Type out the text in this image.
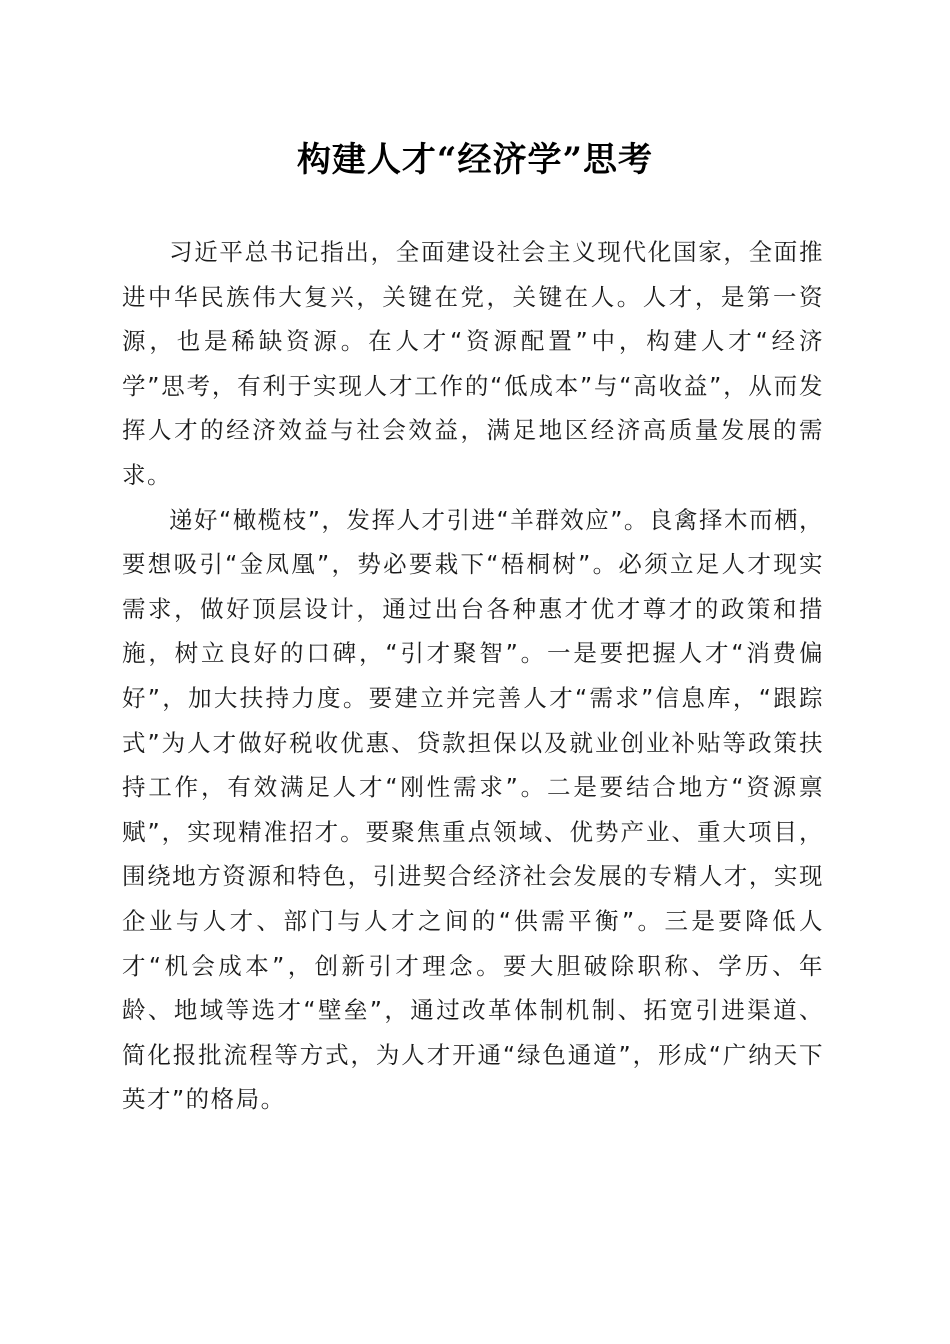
构建人才“经济学”思考

习近平总书记指出，全面建设社会主义现代化国家，全面推进中华民族伟大复兴，关键在党，关键在人。人才，是第一资源，也是稀缺资源。在人才“资源配置”中，构建人才“经济学”思考，有利于实现人才工作的“低成本”与“高收益”，从而发挥人才的经济效益与社会效益，满足地区经济高质量发展的需求。

递好“橄榄枝”，发挥人才引进“羊群效应”。良禽择木而栖，要想吸引“金凤凰”，势必要栽下“梧桐树”。必须立足人才现实需求，做好顶层设计，通过出台各种惠才优才尊才的政策和措施，树立良好的口碑，“引才聚智”。一是要把握人才“消费偏好”，加大扶持力度。要建立并完善人才“需求”信息库，“跟踪式”为人才做好税收优惠、贷款担保以及就业创业补贴等政策扶持工作，有效满足人才“刚性需求”。二是要结合地方“资源禀赋”，实现精准招才。要聚焦重点领域、优势产业、重大项目，围绕地方资源和特色，引进契合经济社会发展的专精人才，实现企业与人才、部门与人才之间的“供需平衡”。三是要降低人才“机会成本”，创新引才理念。要大胆破除职称、学历、年龄、地域等选才“壁垒”，通过改革体制机制、拓宽引进渠道、简化报批流程等方式，为人才开通“绿色通道”，形成“广纳天下英才”的格局。
